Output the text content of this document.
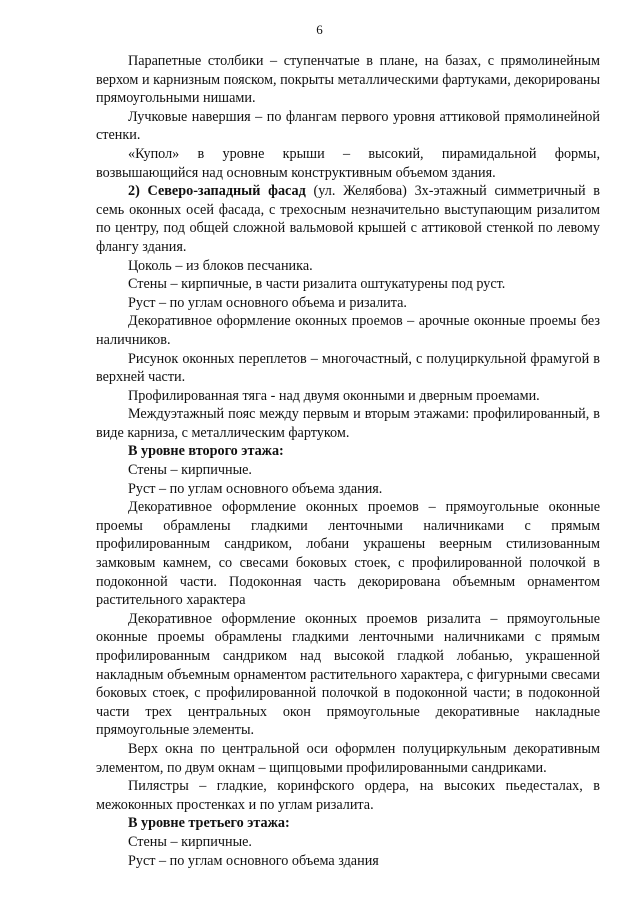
6

Парапетные столбики – ступенчатые в плане, на базах, с прямолинейным верхом и карнизным пояском, покрыты металлическими фартуками, декорированы прямоугольными нишами.

Лучковые навершия – по флангам первого уровня аттиковой прямолинейной стенки.

«Купол» в уровне крыши – высокий, пирамидальной формы, возвышающийся над основным конструктивным объемом здания.

2) Северо-западный фасад (ул. Желябова) 3х-этажный симметричный в семь оконных осей фасада, с трехосным незначительно выступающим ризалитом по центру, под общей сложной вальмовой крышей с аттиковой стенкой по левому флангу здания.

Цоколь – из блоков песчаника.

Стены – кирпичные, в части ризалита оштукатурены под руст.

Руст – по углам основного объема и ризалита.

Декоративное оформление оконных проемов – арочные оконные проемы без наличников.

Рисунок оконных переплетов – многочастный, с полуциркульной фрамугой в верхней части.

Профилированная тяга - над двумя оконными и дверным проемами.

Междуэтажный пояс между первым и вторым этажами: профилированный, в виде карниза, с металлическим фартуком.

В уровне второго этажа:

Стены – кирпичные.

Руст – по углам основного объема здания.

Декоративное оформление оконных проемов – прямоугольные оконные проемы обрамлены гладкими ленточными наличниками с прямым профилированным сандриком, лобани украшены веерным стилизованным замковым камнем, со свесами боковых стоек, с профилированной полочкой в подоконной части. Подоконная часть декорирована объемным орнаментом растительного характера

Декоративное оформление оконных проемов ризалита – прямоугольные оконные проемы обрамлены гладкими ленточными наличниками с прямым профилированным сандриком над высокой гладкой лобанью, украшенной накладным объемным орнаментом растительного характера, с фигурными свесами боковых стоек, с профилированной полочкой в подоконной части; в подоконной части трех центральных окон прямоугольные декоративные накладные прямоугольные элементы.

Верх окна по центральной оси оформлен полуциркульным декоративным элементом, по двум окнам – щипцовыми профилированными сандриками.

Пилястры – гладкие, коринфского ордера, на высоких пьедесталах, в межоконных простенках и по углам ризалита.

В уровне третьего этажа:

Стены – кирпичные.

Руст – по углам основного объема здания
